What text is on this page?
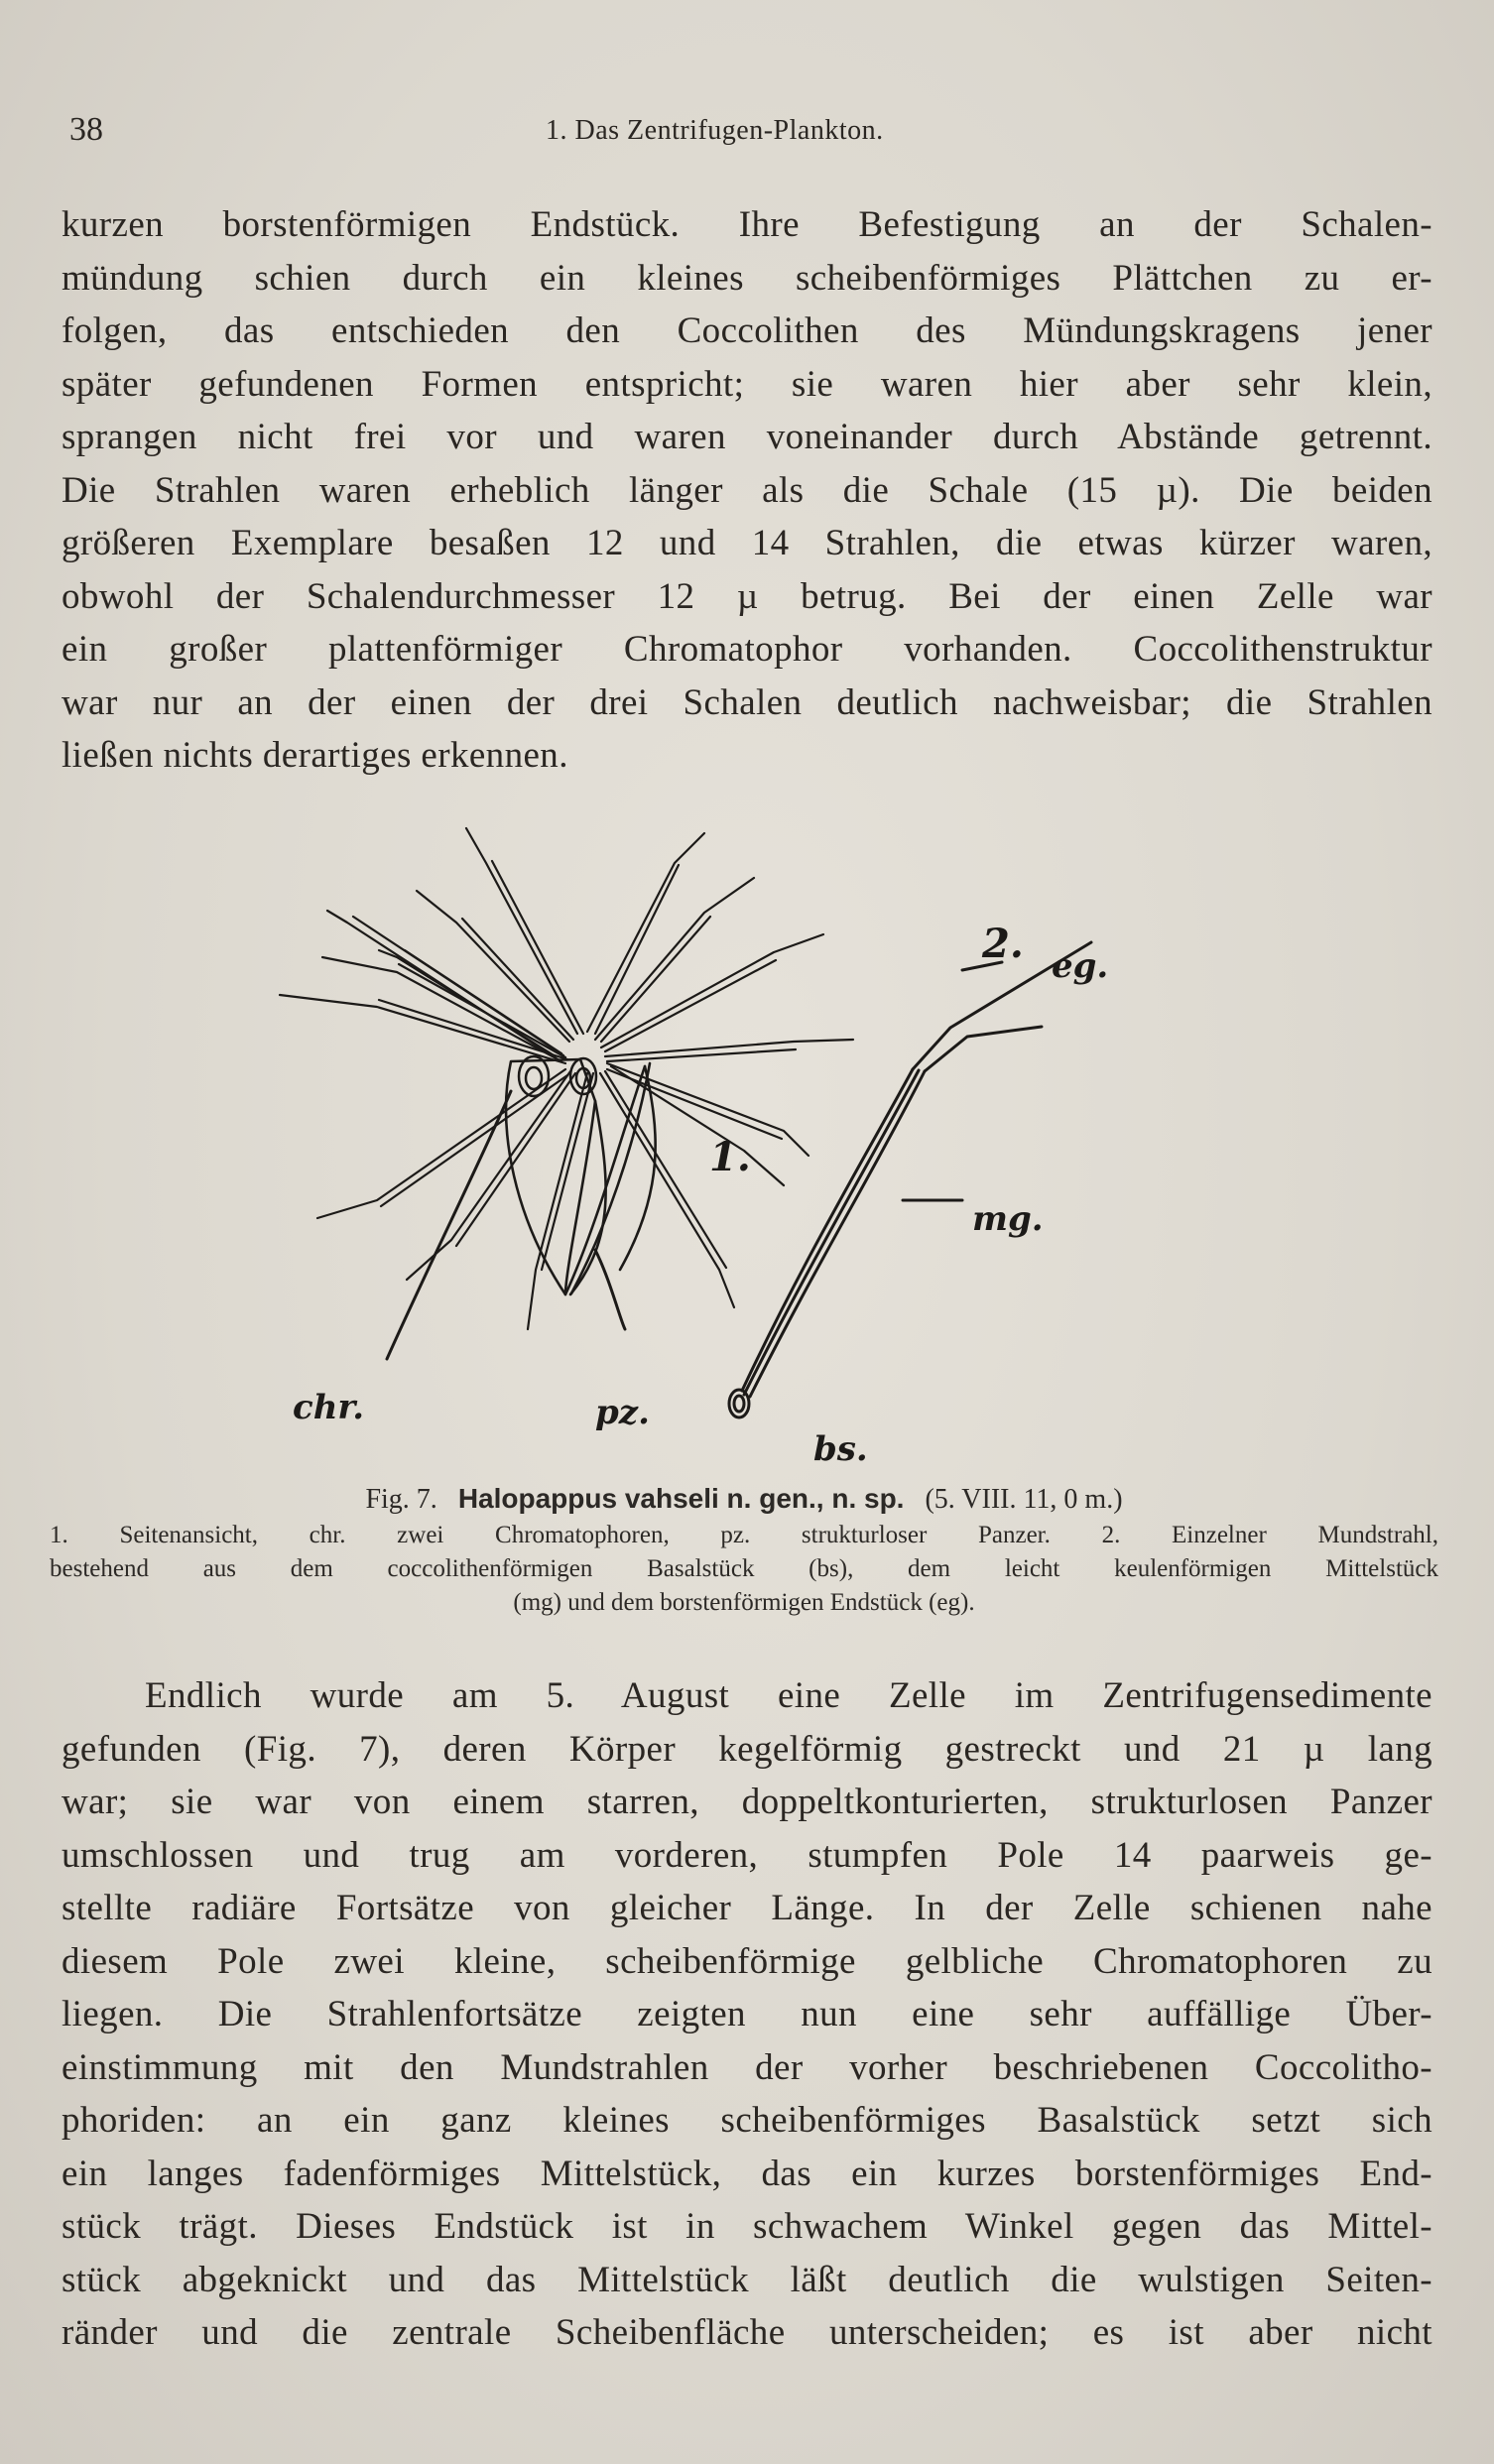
38	1. Das Zentrifugen-Plankton.
kurzen borstenförmigen Endstück. Ihre Befestigung an der Schalen-
mündung schien durch ein kleines scheibenförmiges Plättchen zu er-
folgen, das entschieden den Coccolithen des Mündungskragens jener
später gefundenen Formen entspricht; sie waren hier aber sehr klein,
sprangen nicht frei vor und waren voneinander durch Abstände getrennt.
Die Strahlen waren erheblich länger als die Schale (15 µ). Die beiden
größeren Exemplare besaßen 12 und 14 Strahlen, die etwas kürzer waren,
obwohl der Schalendurchmesser 12 µ betrug. Bei der einen Zelle war
ein großer plattenförmiger Chromatophor vorhanden. Coccolithenstruktur
war nur an der einen der drei Schalen deutlich nachweisbar; die Strahlen
ließen nichts derartiges erkennen.
2. eg.
1.
mg.
chr.	pz.
bs.
Fig. 7. Halopappus vahseli n. gen., n. sp. (5. VIII. 11, 0 m.)
1. Seitenansicht, chr. zwei Chromatophoren, pz. strukturloser Panzer. 2. Einzelner Mundstrahl,
bestehend aus dem coccolithenförmigen Basalstück (bs), dem leicht keulenförmigen Mittelstück
(mg) und dem borstenförmigen Endstück (eg).
Endlich wurde am 5. August eine Zelle im Zentrifugensedimente
gefunden (Fig. 7), deren Körper kegelförmig gestreckt und 21 µ lang
war; sie war von einem starren, doppeltkonturierten, strukturlosen Panzer
umschlossen und trug am vorderen, stumpfen Pole 14 paarweis ge-
stellte radiäre Fortsätze von gleicher Länge. In der Zelle schienen nahe
diesem Pole zwei kleine, scheibenförmige gelbliche Chromatophoren zu
liegen. Die Strahlenfortsätze zeigten nun eine sehr auffällige Über-
einstimmung mit den Mundstrahlen der vorher beschriebenen Coccolitho-
phoriden: an ein ganz kleines scheibenförmiges Basalstück setzt sich
ein langes fadenförmiges Mittelstück, das ein kurzes borstenförmiges End-
stück trägt. Dieses Endstück ist in schwachem Winkel gegen das Mittel-
stück abgeknickt und das Mittelstück läßt deutlich die wulstigen Seiten-
ränder und die zentrale Scheibenfläche unterscheiden; es ist aber nicht
